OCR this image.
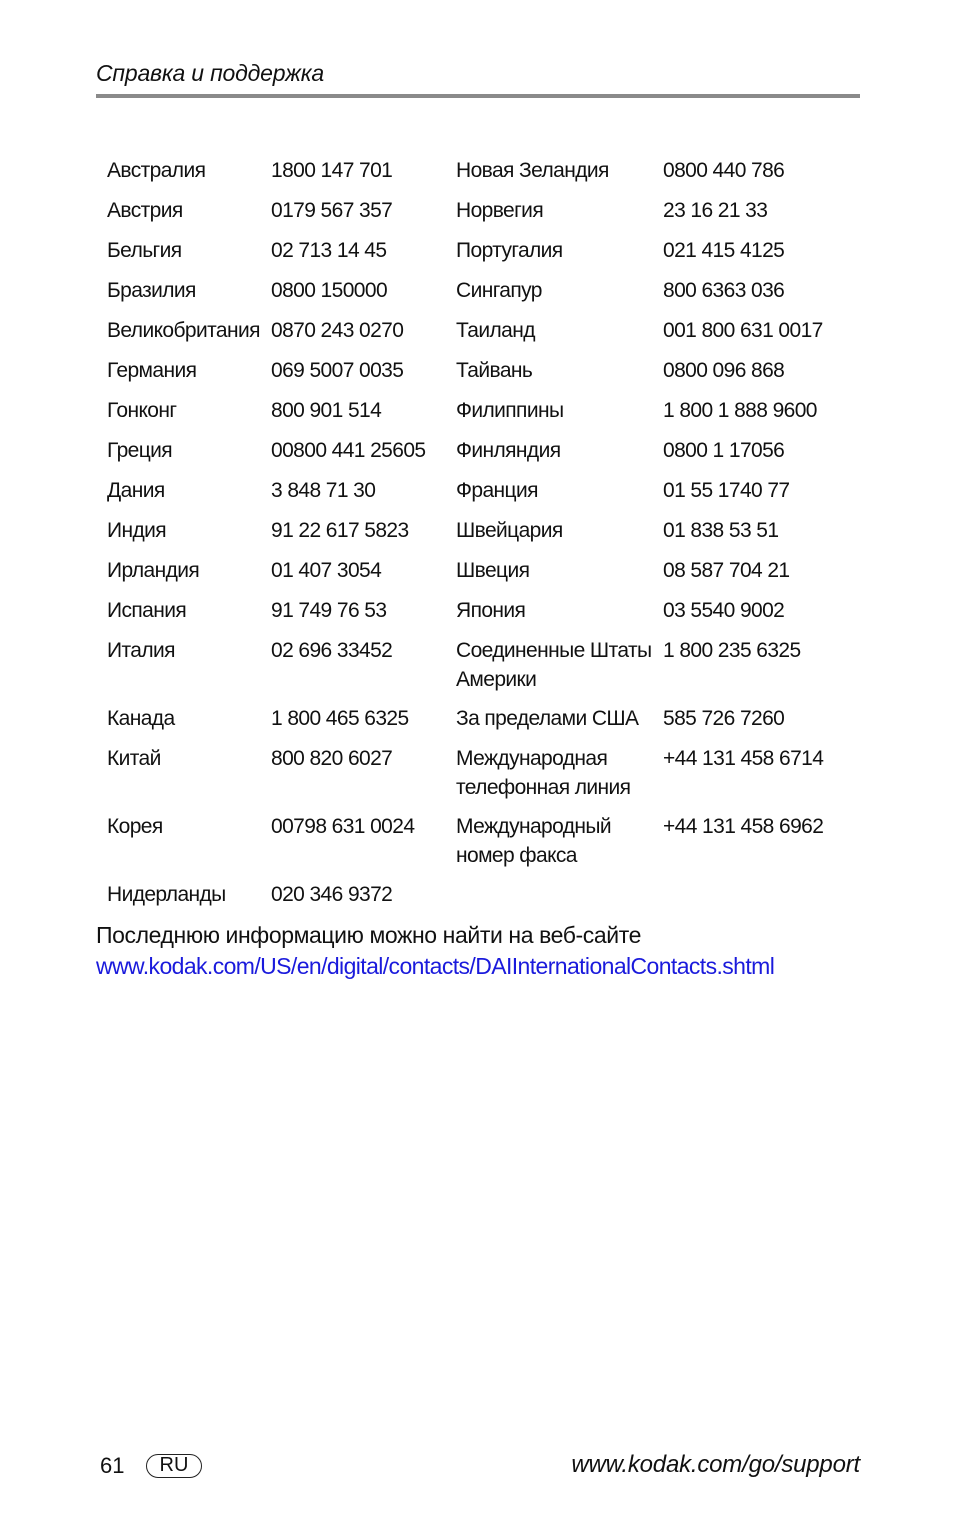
Справка и поддержка
Австралия	1800 147 701	Новая Зеландия	0800 440 786
Австрия	0179 567 357	Норвегия	23 16 21 33
Бельгия	02 713 14 45	Португалия	021 415 4125
Бразилия	0800 150000	Сингапур	800 6363 036
Великобритания	0870 243 0270	Таиланд	001 800 631 0017
Германия	069 5007 0035	Тайвань	0800 096 868
Гонконг	800 901 514	Филиппины	1 800 1 888 9600
Греция	00800 441 25605	Финляндия	0800 1 17056
Дания	3 848 71 30	Франция	01 55 1740 77
Индия	91 22 617 5823	Швейцария	01 838 53 51
Ирландия	01 407 3054	Швеция	08 587 704 21
Испания	91 749 76 53	Япония	03 5540 9002
Италия	02 696 33452	Соединенные Штаты Америки	1 800 235 6325
Канада	1 800 465 6325	За пределами США	585 726 7260
Китай	800 820 6027	Международная телефонная линия	+44 131 458 6714
Корея	00798 631 0024	Международный номер факса	+44 131 458 6962
Нидерланды	020 346 9372		
Последнюю информацию можно найти на веб-сайте
www.kodak.com/US/en/digital/contacts/DAIInternationalContacts.shtml
61	RU	www.kodak.com/go/support
